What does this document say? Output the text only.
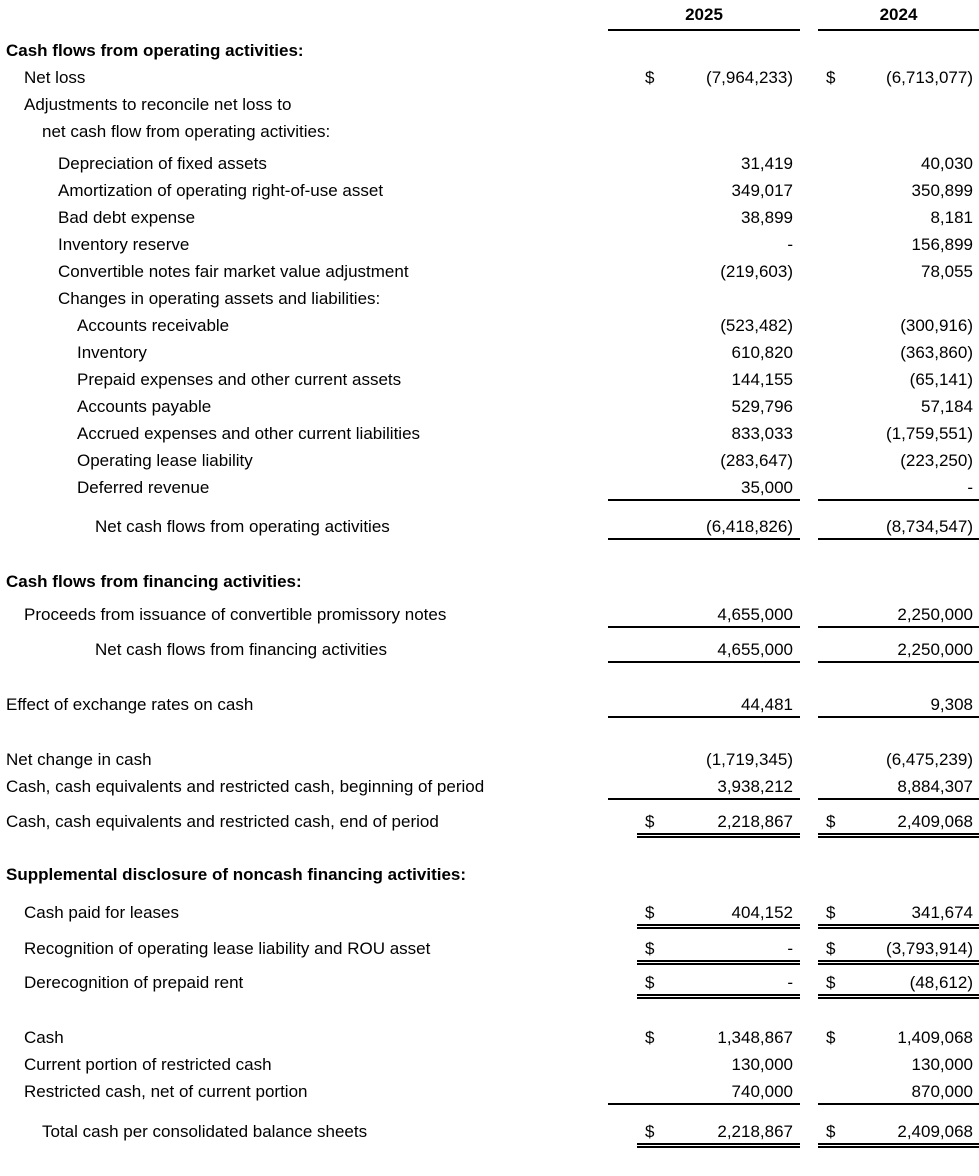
2025	2024
Cash flows from operating activities:
Net loss	$	(7,964,233) $	(6,713,077)
Adjustments to reconcile net loss to
net cash flow from operating activities:
Depreciation of fixed assets	31,419	40,030
Amortization of operating right-of-use asset	349,017	350,899
Bad debt expense	38,899	8,181
Inventory reserve	-	156,899
Convertible notes fair market value adjustment	(219,603)	78,055
Changes in operating assets and liabilities:
Accounts receivable	(523,482)	(300,916)
Inventory	610,820	(363,860)
Prepaid expenses and other current assets	144,155	(65,141)
Accounts payable	529,796	57,184
Accrued expenses and other current liabilities	833,033	(1,759,551)
Operating lease liability	(283,647)	(223,250)
Deferred revenue	35,000	-
Net cash flows from operating activities	(6,418,826)	(8,734,547)
Cash flows from financing activities:
Proceeds from issuance of convertible promissory notes	4,655,000	2,250,000
Net cash flows from financing activities	4,655,000	2,250,000
Effect of exchange rates on cash	44,481	9,308
Net change in cash	(1,719,345)	(6,475,239)
Cash, cash equivalents and restricted cash, beginning of period	3,938,212	8,884,307
Cash, cash equivalents and restricted cash, end of period	$	2,218,867 $	2,409,068
Supplemental disclosure of noncash financing activities:
Cash paid for leases	$	404,152 $	341,674
Recognition of operating lease liability and ROU asset	$	- $	(3,793,914)
Derecognition of prepaid rent	$	- $	(48,612)
Cash	$	1,348,867 $	1,409,068
Current portion of restricted cash	130,000	130,000
Restricted cash, net of current portion	740,000	870,000
Total cash per consolidated balance sheets	$	2,218,867 $	2,409,068
